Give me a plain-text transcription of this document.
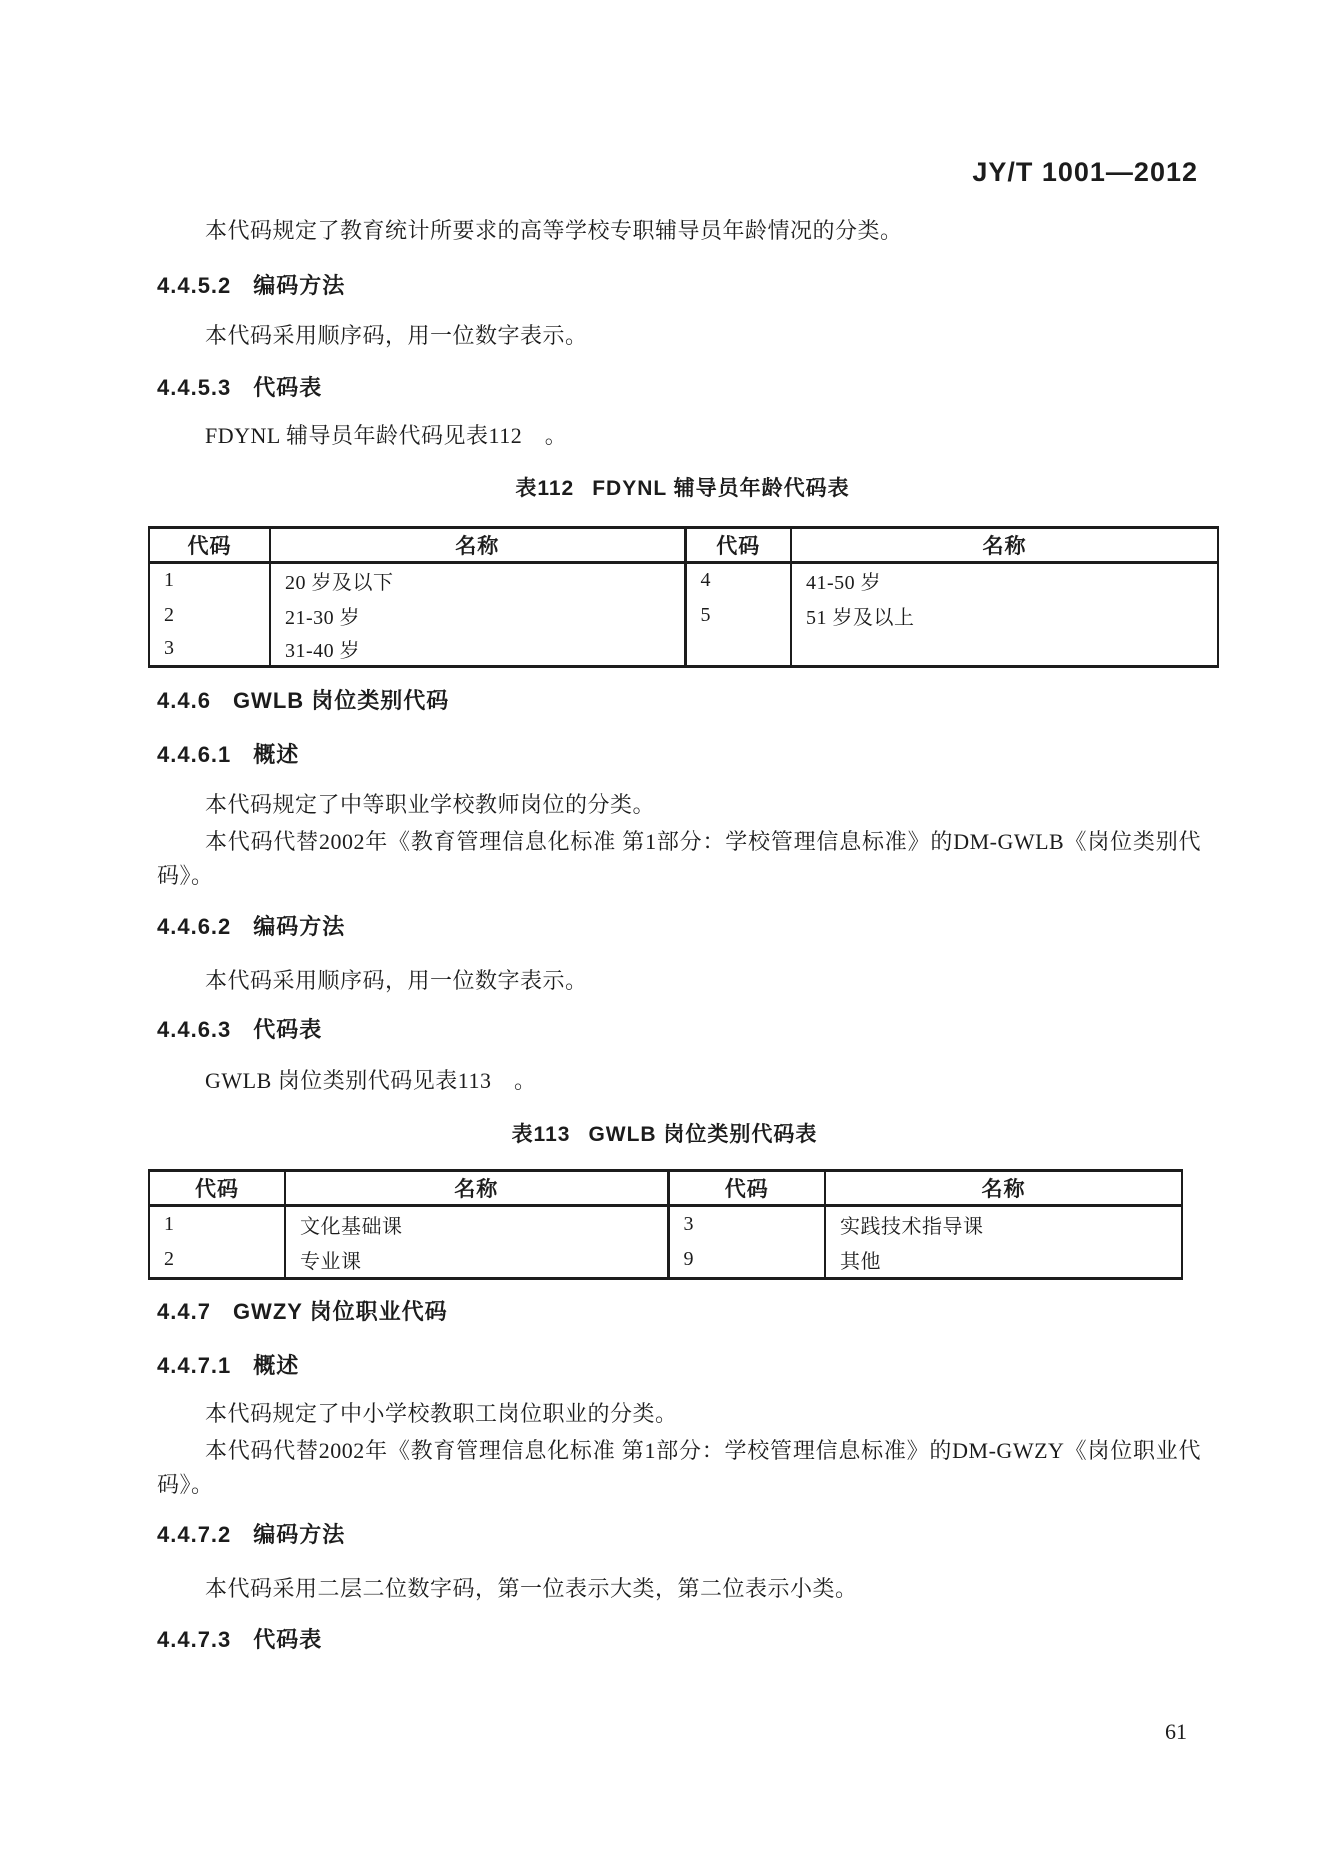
JY/T 1001—2012
本代码规定了教育统计所要求的高等学校专职辅导员年龄情况的分类。
4.4.5.2 编码方法
本代码采用顺序码，用一位数字表示。
4.4.5.3 代码表
FDYNL 辅导员年龄代码见表112　。
表112 FDYNL 辅导员年龄代码表
代码	名称	代码	名称
1	20 岁及以下	4	41-50 岁
2	21-30 岁	5	51 岁及以上
3	31-40 岁		
4.4.6 GWLB 岗位类别代码
4.4.6.1 概述
本代码规定了中等职业学校教师岗位的分类。
本代码代替2002年《教育管理信息化标准 第1部分：学校管理信息标准》的DM-GWLB《岗位类别代码》。
4.4.6.2 编码方法
本代码采用顺序码，用一位数字表示。
4.4.6.3 代码表
GWLB 岗位类别代码见表113　。
表113 GWLB 岗位类别代码表
代码	名称	代码	名称
1	文化基础课	3	实践技术指导课
2	专业课	9	其他
4.4.7 GWZY 岗位职业代码
4.4.7.1 概述
本代码规定了中小学校教职工岗位职业的分类。
本代码代替2002年《教育管理信息化标准 第1部分：学校管理信息标准》的DM-GWZY《岗位职业代码》。
4.4.7.2 编码方法
本代码采用二层二位数字码，第一位表示大类，第二位表示小类。
4.4.7.3 代码表
61
